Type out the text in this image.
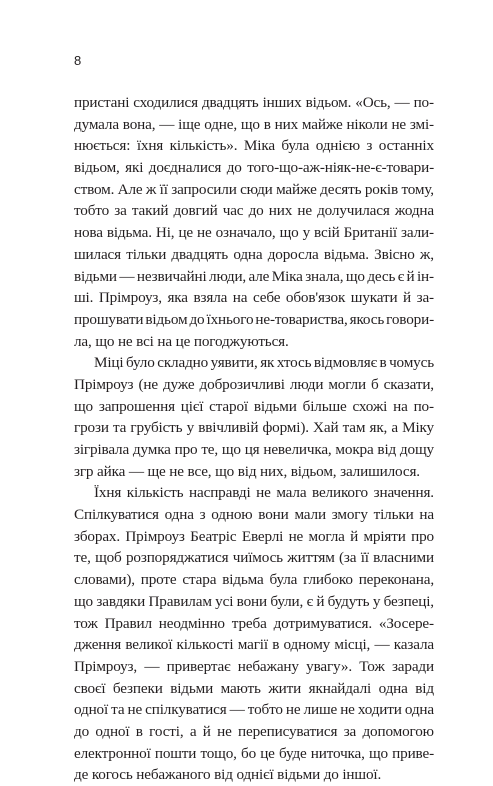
8
пристані сходилися двадцять інших відьом. «Ось, — по-
думала вона, — іще одне, що в них майже ніколи не змі-
нюється: їхня кількість». Міка була однією з останніх
відьом, які доєдналися до того-що-аж-ніяк-не-є-товари-
ством. Але ж її запросили сюди майже десять років тому,
тобто за такий довгий час до них не долучилася жодна
нова відьма. Ні, це не означало, що у всій Британії зали-
шилася тільки двадцять одна доросла відьма. Звісно ж,
відьми — незвичайні люди, але Міка знала, що десь є й ін-
ші. Прімроуз, яка взяла на себе обов'язок шукати й за-
прошувати відьом до їхнього не-товариства, якось говори-
ла, що не всі на це погоджуються.
Міці було складно уявити, як хтось відмовляє в чомусь
Прімроуз (не дуже доброзичливі люди могли б сказати,
що запрошення цієї старої відьми більше схожі на по-
грози та грубість у ввічливій формі). Хай там як, а Міку
зігрівала думка про те, що ця невеличка, мокра від дощу
згр айка — ще не все, що від них, відьом, залишилося.
Їхня кількість насправді не мала великого значення.
Спілкуватися одна з одною вони мали змогу тільки на
зборах. Прімроуз Беатріс Еверлі не могла й мріяти про
те, щоб розпоряджатися чиїмось життям (за її власними
словами), проте стара відьма була глибоко переконана,
що завдяки Правилам усі вони були, є й будуть у безпеці,
тож Правил неодмінно треба дотримуватися. «Зосере-
дження великої кількості магії в одному місці, — казала
Прімроуз, — привертає небажану увагу». Тож заради
своєї безпеки відьми мають жити якнайдалі одна від
одної та не спілкуватися — тобто не лише не ходити одна
до одної в гості, а й не переписуватися за допомогою
електронної пошти тощо, бо це буде ниточка, що приве-
де когось небажаного від однієї відьми до іншої.
